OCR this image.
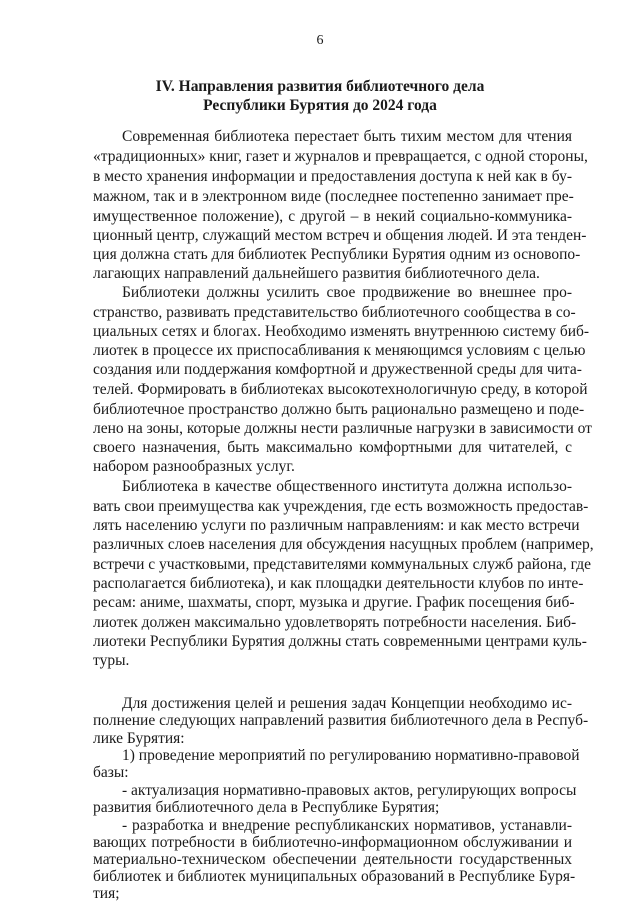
6
IV. Направления развития библиотечного дела
Республики Бурятия до 2024 года
Современная библиотека перестает быть тихим местом для чтения
«традиционных» книг, газет и журналов и превращается, с одной стороны,
в место хранения информации и предоставления доступа к ней как в бу-
мажном, так и в электронном виде (последнее постепенно занимает пре-
имущественное положение), с другой – в некий социально-коммуника-
ционный центр, служащий местом встреч и общения людей. И эта тенден-
ция должна стать для библиотек Республики Бурятия одним из основопо-
лагающих направлений дальнейшего развития библиотечного дела.
Библиотеки должны усилить свое продвижение во внешнее про-
странство, развивать представительство библиотечного сообщества в со-
циальных сетях и блогах. Необходимо изменять внутреннюю систему биб-
лиотек в процессе их приспосабливания к меняющимся условиям с целью
создания или поддержания комфортной и дружественной среды для чита-
телей. Формировать в библиотеках высокотехнологичную среду, в которой
библиотечное пространство должно быть рационально размещено и поде-
лено на зоны, которые должны нести различные нагрузки в зависимости от
своего назначения, быть максимально комфортными для читателей, с
набором разнообразных услуг.
Библиотека в качестве общественного института должна использо-
вать свои преимущества как учреждения, где есть возможность предостав-
лять населению услуги по различным направлениям: и как место встречи
различных слоев населения для обсуждения насущных проблем (например,
встречи с участковыми, представителями коммунальных служб района, где
располагается библиотека), и как площадки деятельности клубов по инте-
ресам: аниме, шахматы, спорт, музыка и другие. График посещения биб-
лиотек должен максимально удовлетворять потребности населения. Биб-
лиотеки Республики Бурятия должны стать современными центрами куль-
туры.
Для достижения целей и решения задач Концепции необходимо ис-
полнение следующих направлений развития библиотечного дела в Респуб-
лике Бурятия:
1) проведение мероприятий по регулированию нормативно-правовой
базы:
- актуализация нормативно-правовых актов, регулирующих вопросы
развития библиотечного дела в Республике Бурятия;
- разработка и внедрение республиканских нормативов, устанавли-
вающих потребности в библиотечно-информационном обслуживании и
материально-техническом обеспечении деятельности государственных
библиотек и библиотек муниципальных образований в Республике Буря-
тия;
